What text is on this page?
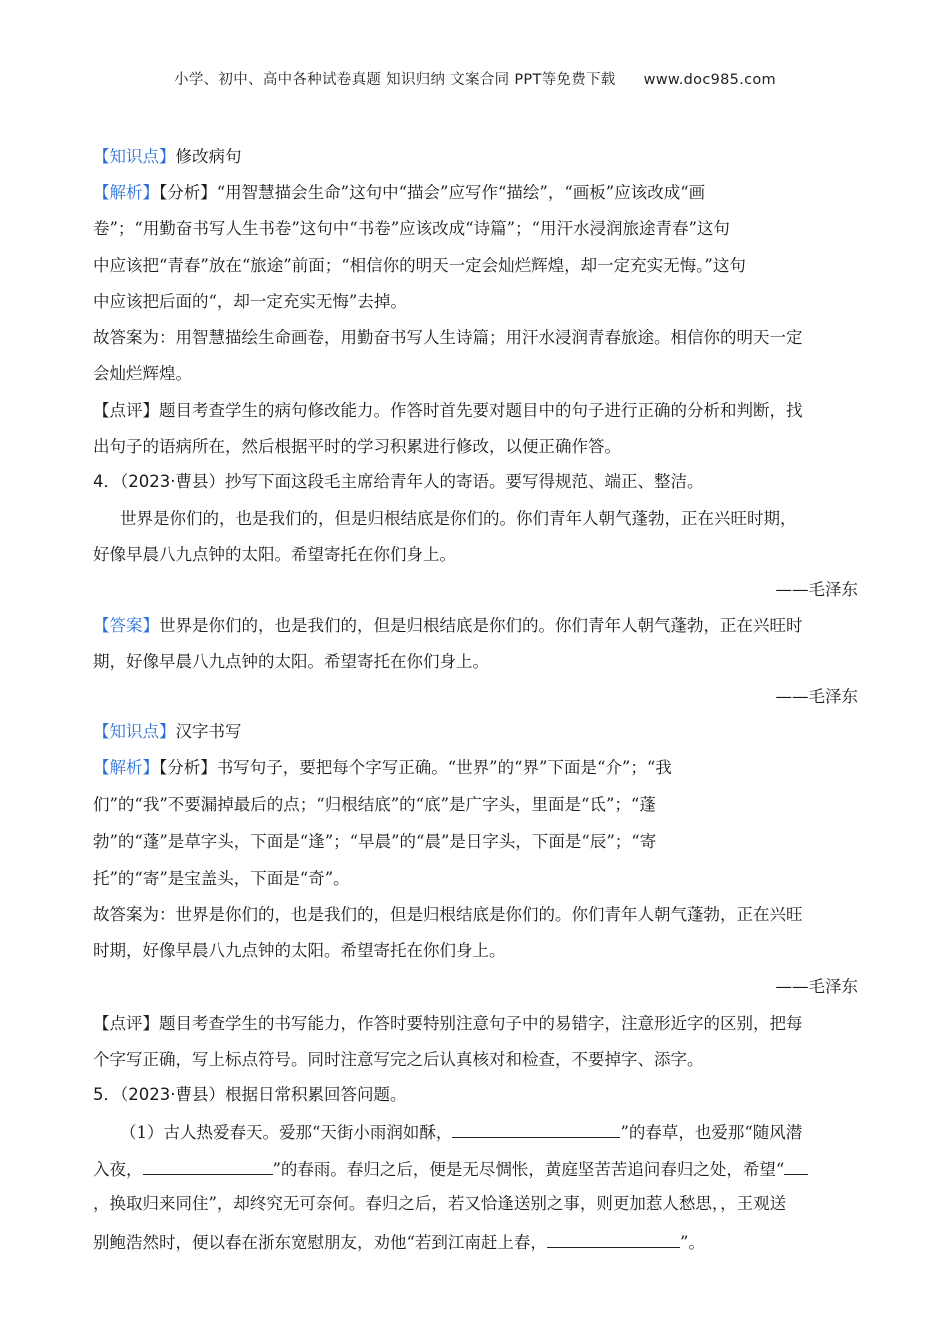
小学、初中、高中各种试卷真题 知识归纳 文案合同 PPT等免费下载 www.doc985.com
【知识点】修改病句
【解析】【分析】“用智慧描会生命”这句中“描会”应写作“描绘”，“画板”应该改成“画
卷”；“用勤奋书写人生书卷”这句中“书卷”应该改成“诗篇”；“用汗水浸润旅途青春”这句
中应该把“青春”放在“旅途”前面；“相信你的明天一定会灿烂辉煌，却一定充实无悔。”这句
中应该把后面的“，却一定充实无悔”去掉。
故答案为：用智慧描绘生命画卷，用勤奋书写人生诗篇；用汗水浸润青春旅途。相信你的明天一定
会灿烂辉煌。
【点评】题目考查学生的病句修改能力。作答时首先要对题目中的句子进行正确的分析和判断，找
出句子的语病所在，然后根据平时的学习积累进行修改，以便正确作答。
4．（2023·曹县）抄写下面这段毛主席给青年人的寄语。要写得规范、端正、整洁。
世界是你们的，也是我们的，但是归根结底是你们的。你们青年人朝气蓬勃，正在兴旺时期，
好像早晨八九点钟的太阳。希望寄托在你们身上。
——毛泽东
【答案】世界是你们的，也是我们的，但是归根结底是你们的。你们青年人朝气蓬勃，正在兴旺时
期，好像早晨八九点钟的太阳。希望寄托在你们身上。
——毛泽东
【知识点】汉字书写
【解析】【分析】书写句子，要把每个字写正确。“世界”的“界”下面是“介”；“我
们”的“我”不要漏掉最后的点；“归根结底”的“底”是广字头，里面是“氐”；“蓬
勃”的“蓬”是草字头，下面是“逢”；“早晨”的“晨”是日字头，下面是“辰”；“寄
托”的“寄”是宝盖头，下面是“奇”。
故答案为：世界是你们的，也是我们的，但是归根结底是你们的。你们青年人朝气蓬勃，正在兴旺
时期，好像早晨八九点钟的太阳。希望寄托在你们身上。
——毛泽东
【点评】题目考查学生的书写能力，作答时要特别注意句子中的易错字，注意形近字的区别，把每
个字写正确，写上标点符号。同时注意写完之后认真核对和检查，不要掉字、添字。
5．（2023·曹县）根据日常积累回答问题。
（1）古人热爱春天。爱那“天街小雨润如酥，	”的春草，也爱那“随风潜
入夜，	”的春雨。春归之后，便是无尽惆怅，黄庭坚苦苦追问春归之处，希望“
，换取归来同住”，却终究无可奈何。春归之后，若又恰逢送别之事，则更加惹人愁思，，王观送
别鲍浩然时，便以春在浙东宽慰朋友，劝他“若到江南赶上春，	”。
